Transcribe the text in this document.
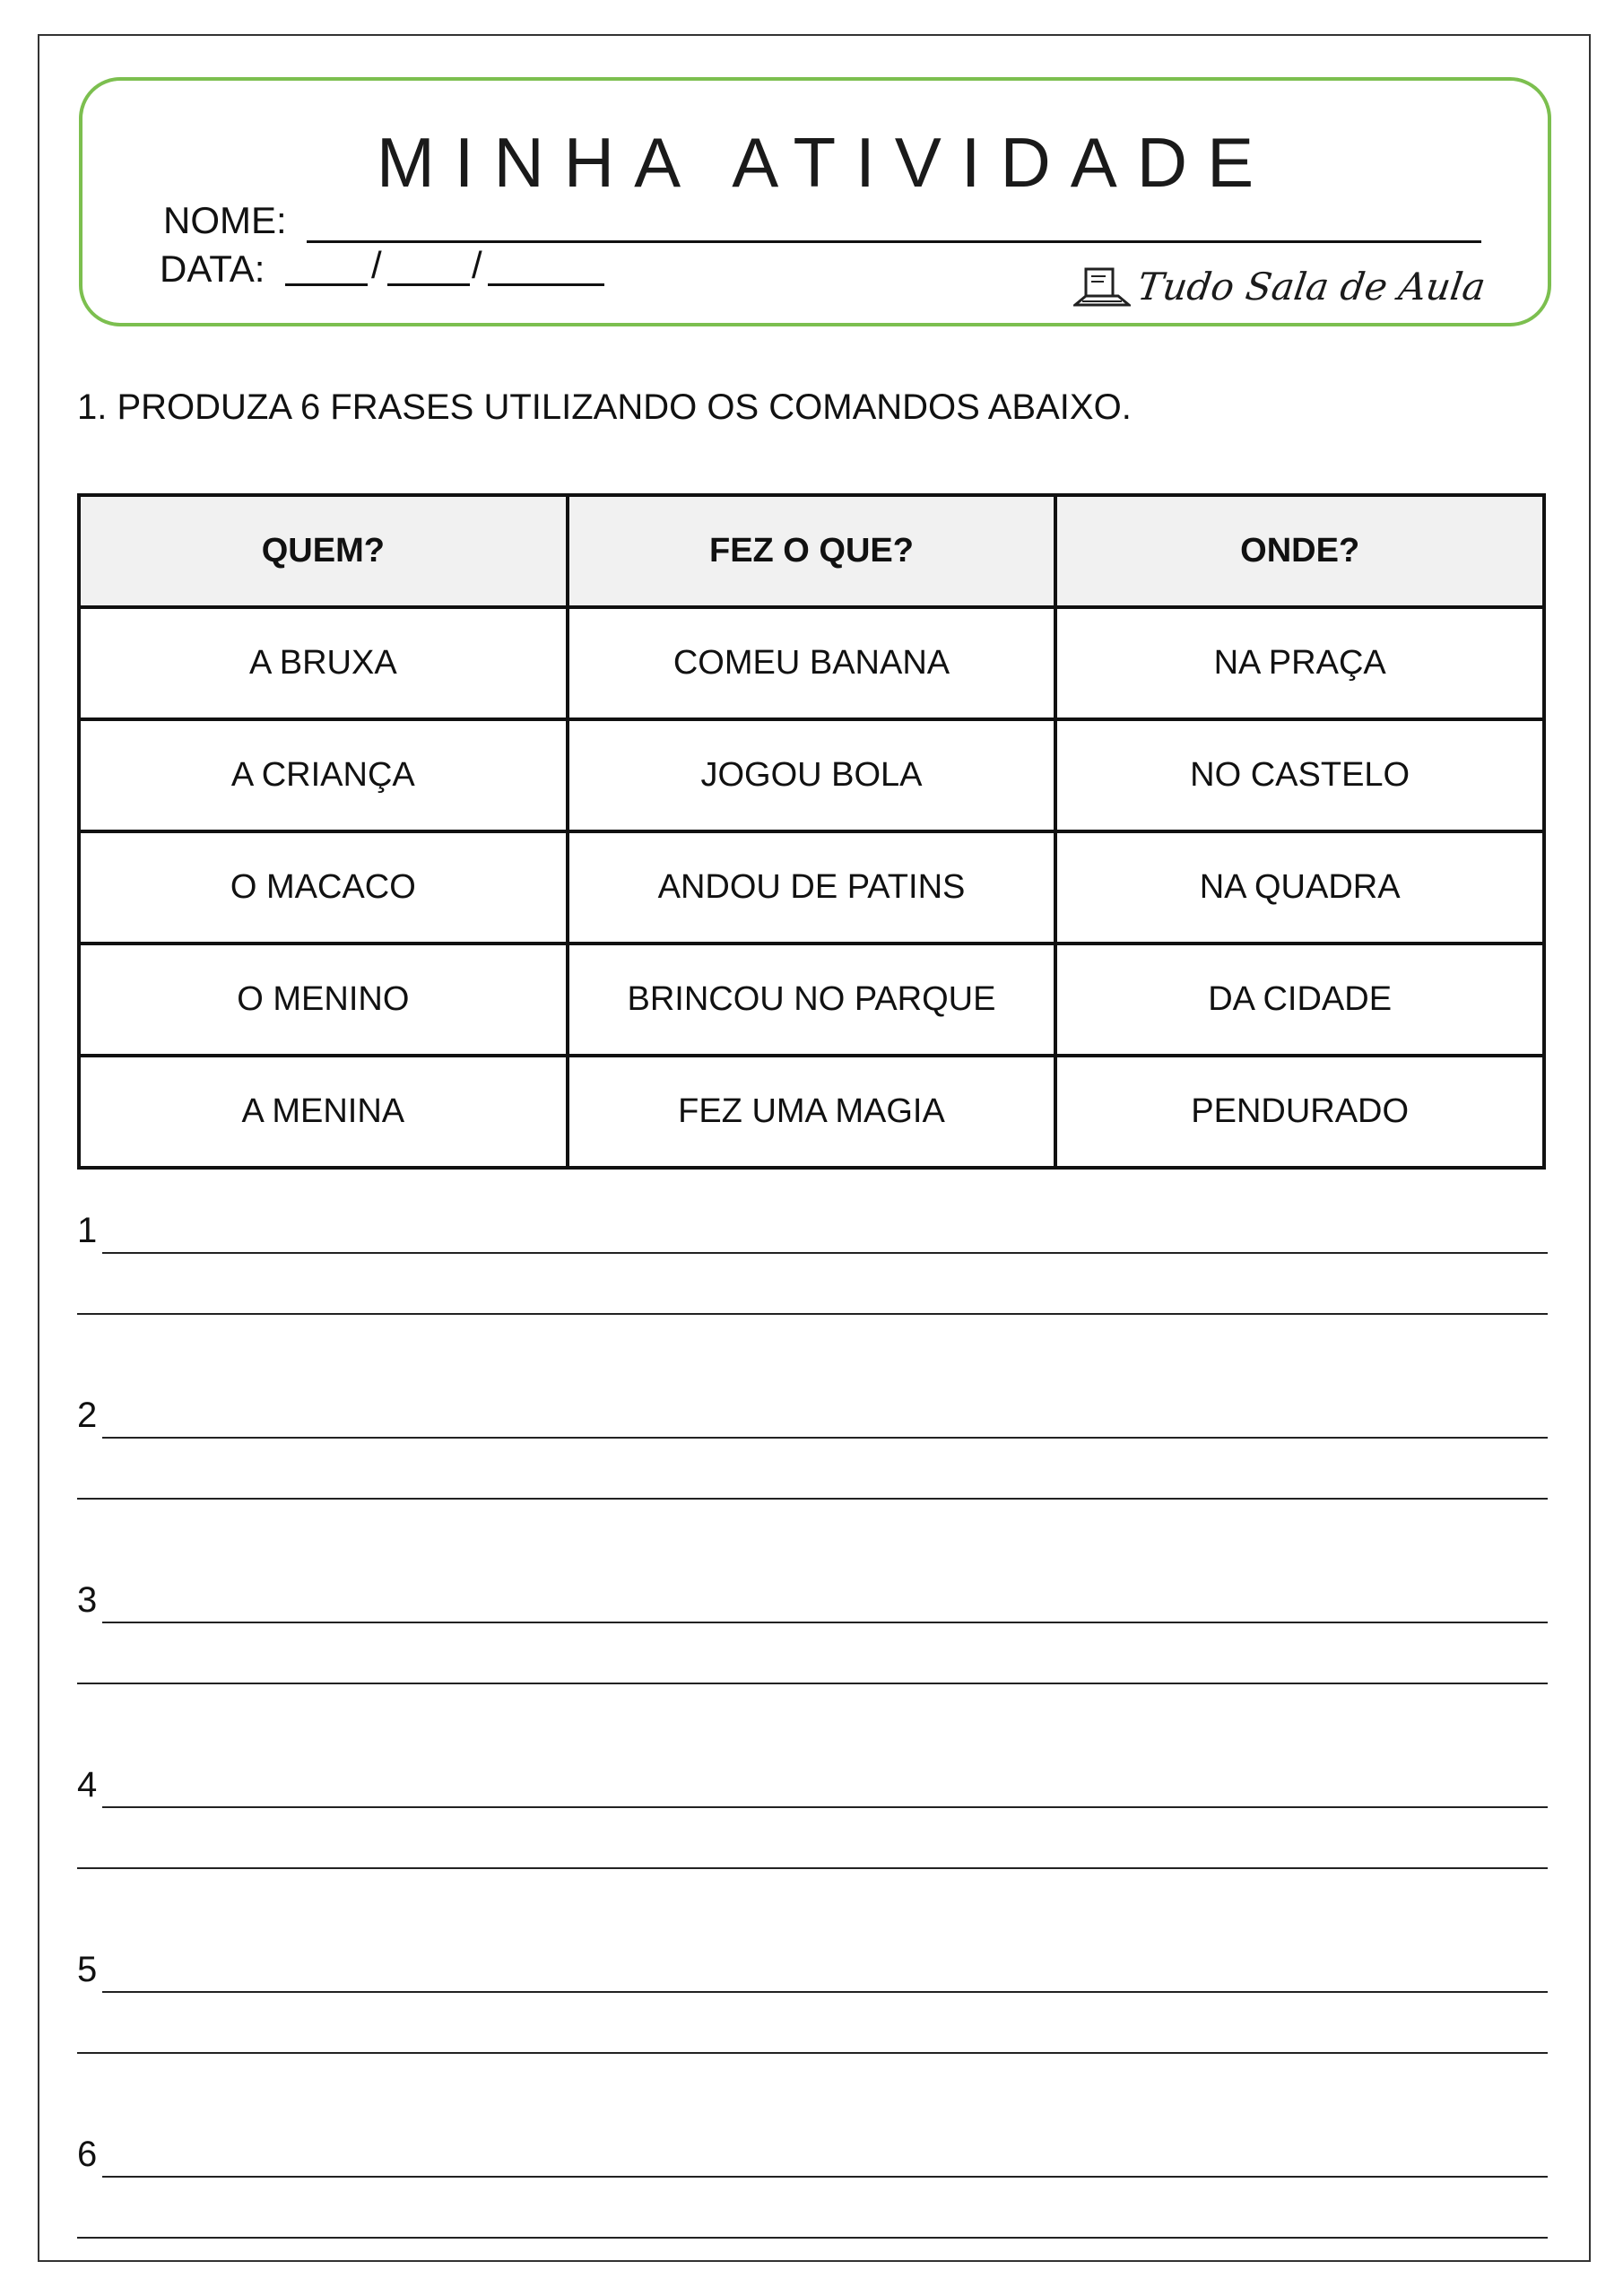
MINHA ATIVIDADE
NOME:
DATA:	/ /	Tudo Sala de Aula
1. PRODUZA 6 FRASES UTILIZANDO OS COMANDOS ABAIXO.
QUEM?	FEZ O QUE?	ONDE?
A BRUXA	COMEU BANANA	NA PRAÇA
A CRIANÇA	JOGOU BOLA	NO CASTELO
O MACACO	ANDOU DE PATINS	NA QUADRA
O MENINO	BRINCOU NO PARQUE	DA CIDADE
A MENINA	FEZ UMA MAGIA	PENDURADO
1
2
3
4
5
6
